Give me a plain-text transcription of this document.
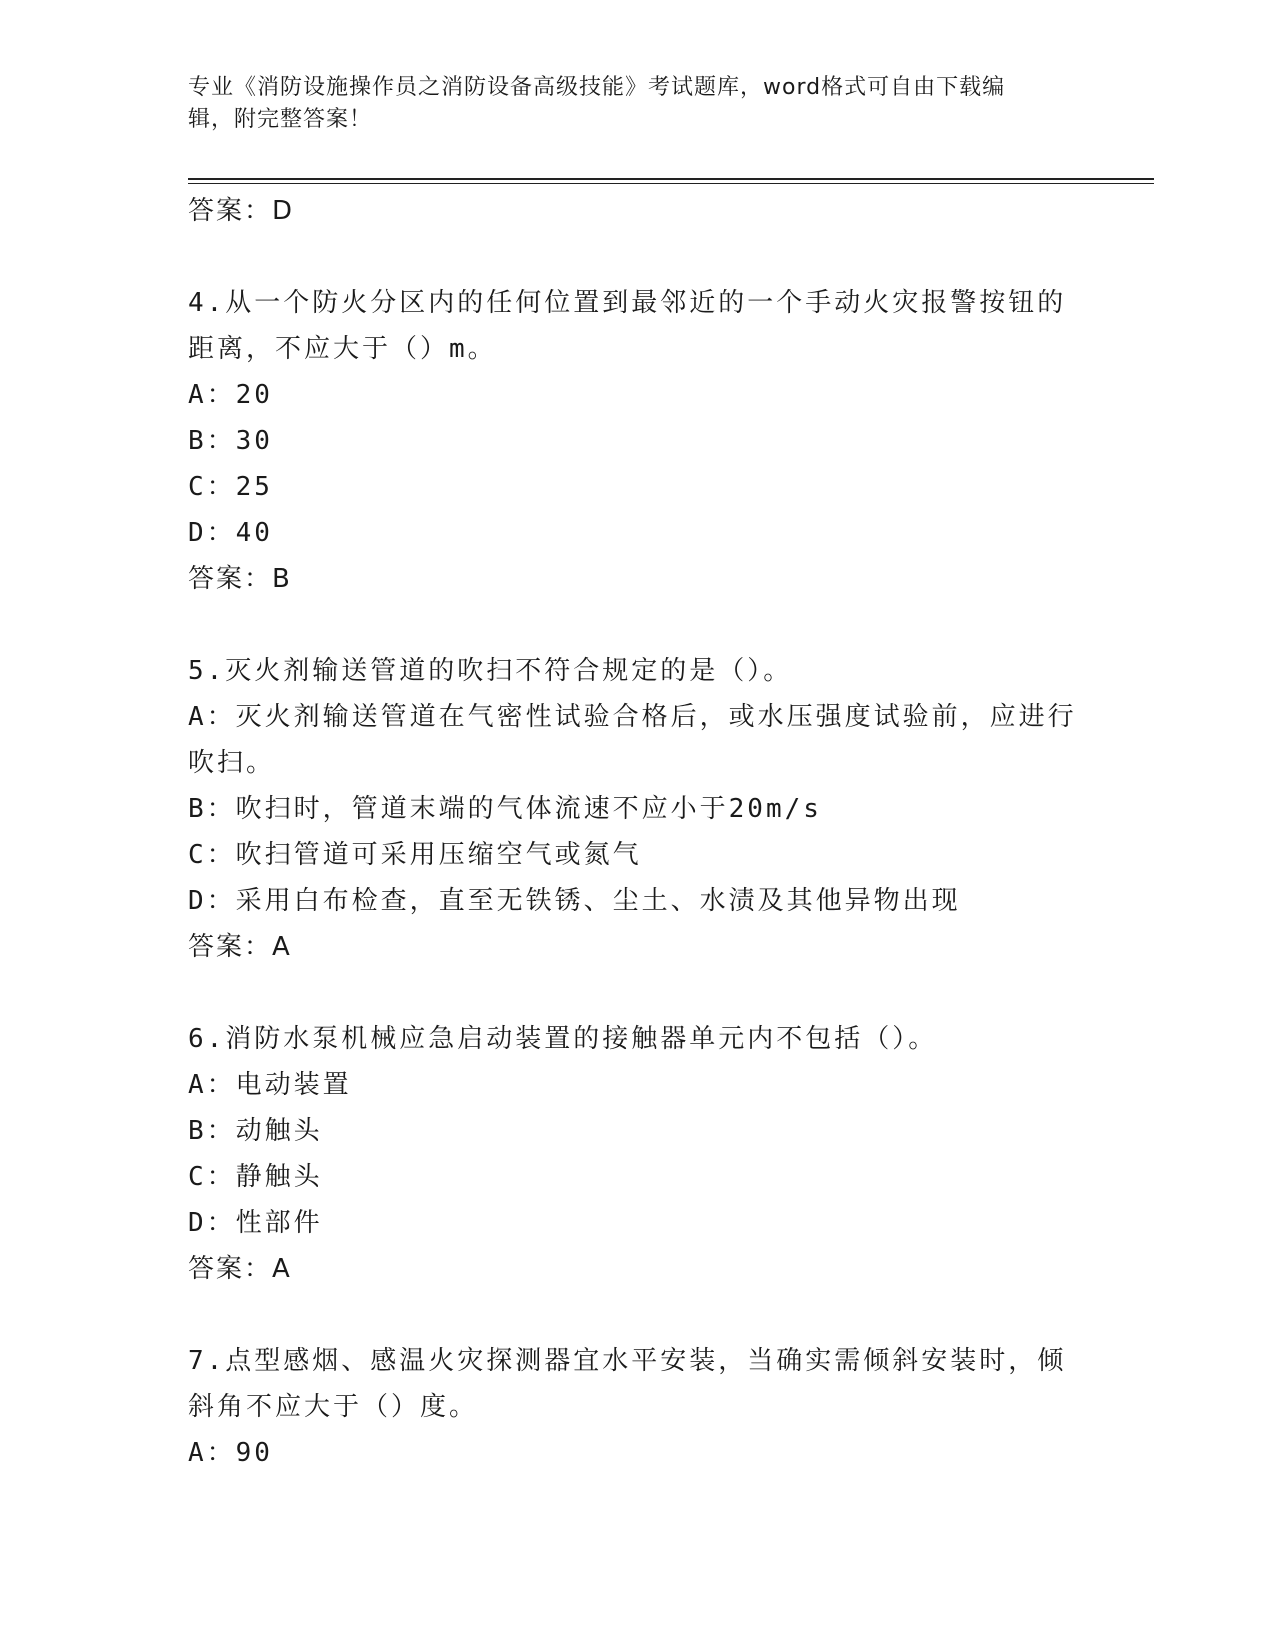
专业《消防设施操作员之消防设备高级技能》考试题库，word格式可自由下载编
辑，附完整答案！
答案：D
4.从一个防火分区内的任何位置到最邻近的一个手动火灾报警按钮的
距离，不应大于（）m。
A：20
B：30
C：25
D：40
答案：B
5.灭火剂输送管道的吹扫不符合规定的是（）。
A：灭火剂输送管道在气密性试验合格后，或水压强度试验前，应进行
吹扫。
B：吹扫时，管道末端的气体流速不应小于20m/s
C：吹扫管道可采用压缩空气或氮气
D：采用白布检查，直至无铁锈、尘土、水渍及其他异物出现
答案：A
6.消防水泵机械应急启动装置的接触器单元内不包括（）。
A：电动装置
B：动触头
C：静触头
D：性部件
答案：A
7.点型感烟、感温火灾探测器宜水平安装，当确实需倾斜安装时，倾
斜角不应大于（）度。
A：90
